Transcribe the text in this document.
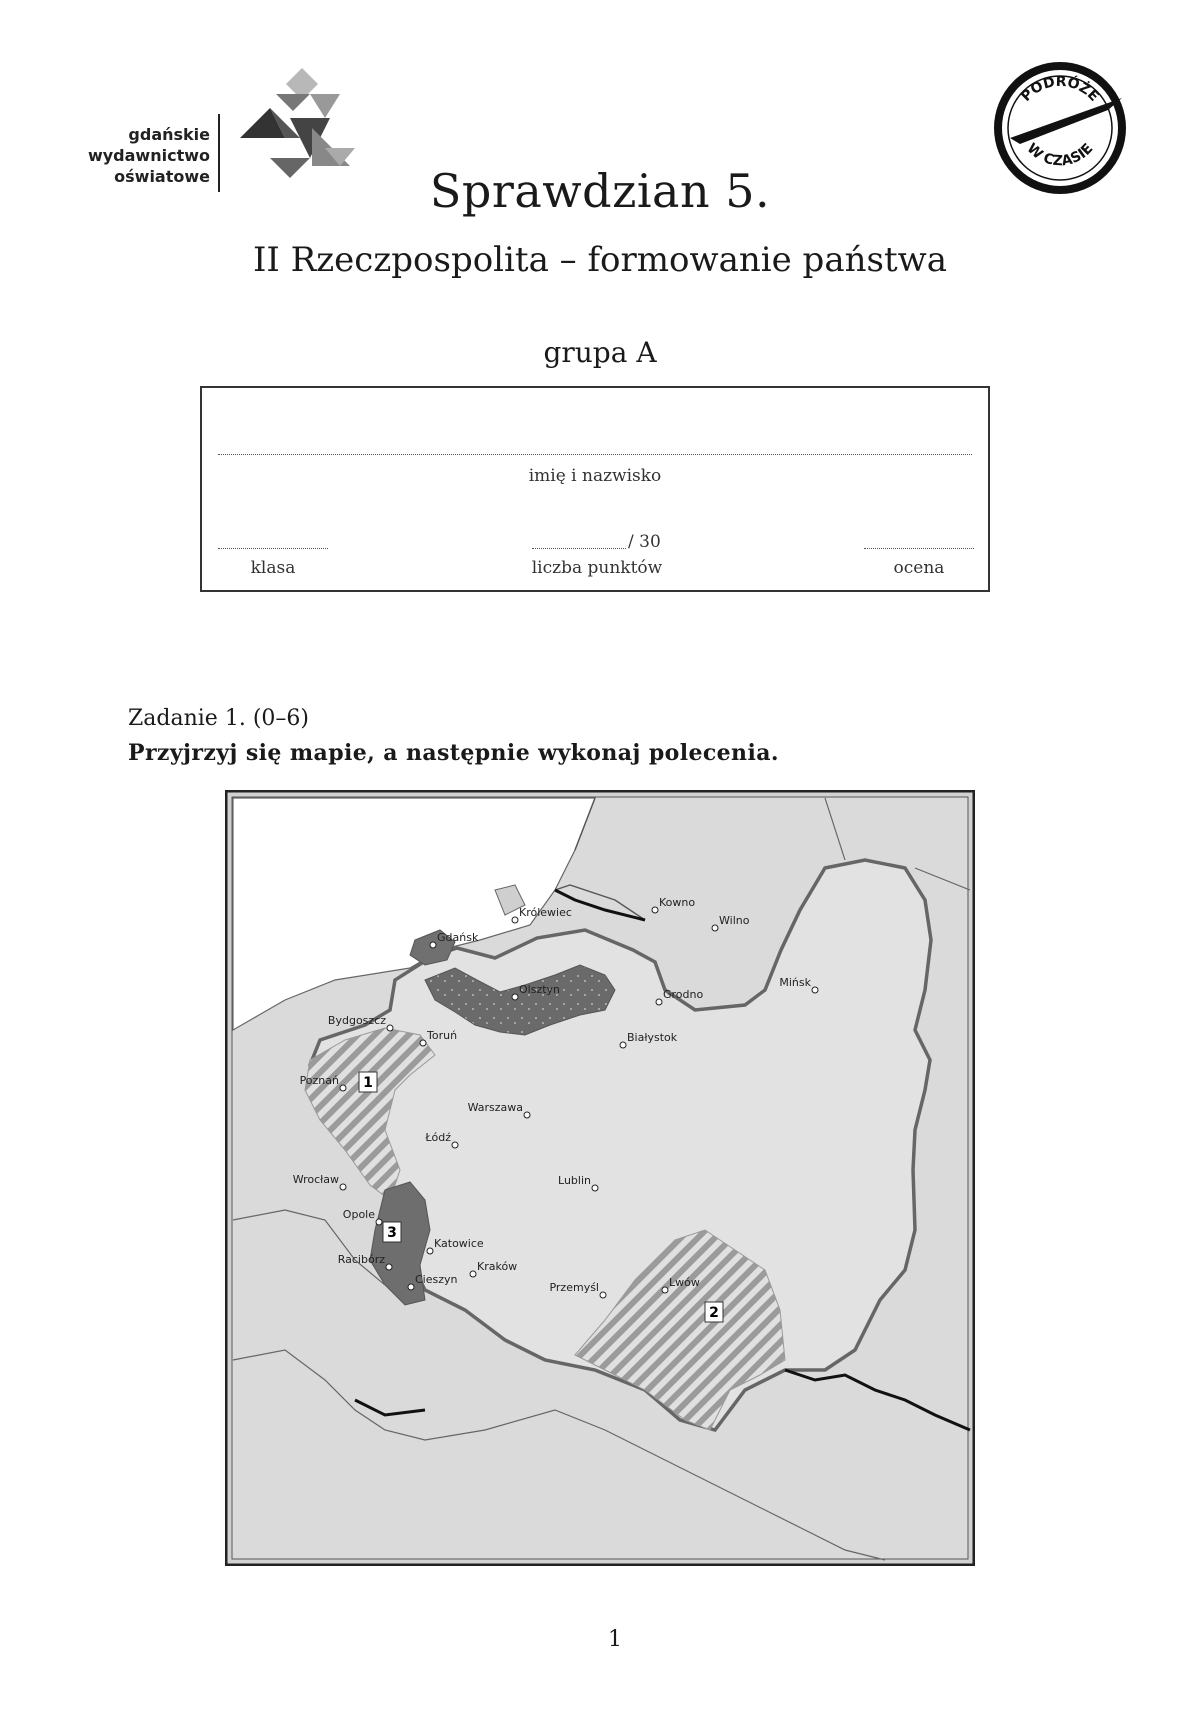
gdańskie
wydawnictwo
oświatowe
PODRÓŻE
W CZASIE
Sprawdzian 5.
II Rzeczpospolita – formowanie państwa
grupa A
imię i nazwisko
klasa
/ 30
liczba punktów	ocena
Zadanie 1. (0–6)
Przyjrzyj się mapie, a następnie wykonaj polecenia.
1
2
3
Gdańsk
Królewiec
Kowno
Wilno
Olsztyn	Grodno
Mińsk
Bydgoszcz
Toruń	Białystok
Poznań
Warszawa
Łódź
Lublin
Wrocław
Opole
Katowice
Racibórz
Cieszyn
Kraków
Przemyśl	Lwów
1
